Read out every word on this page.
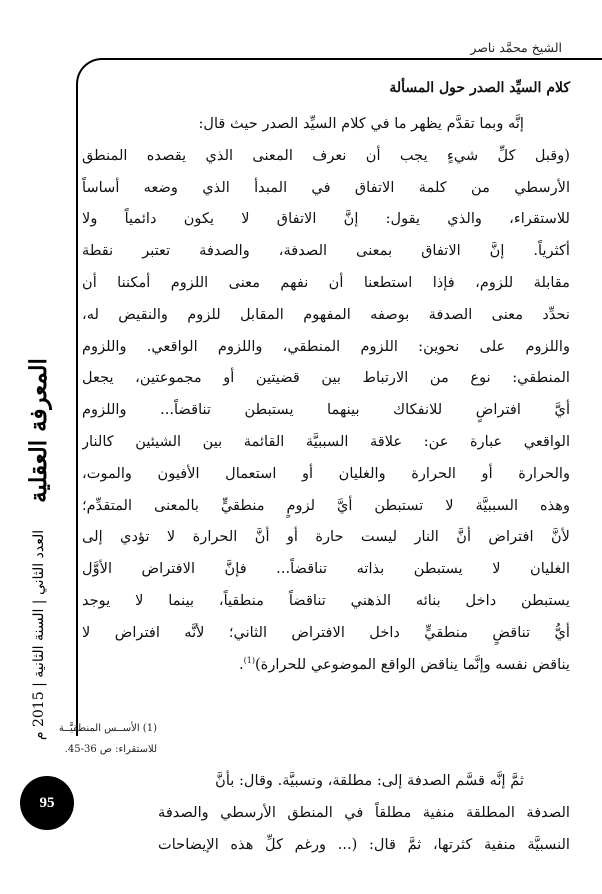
الشيخ محمَّد ناصر
كلام السيِّد الصدر حول المسألة
إنَّه وبما تقدَّم يظهر ما في كلام السيِّد الصدر حيث قال:
(وقبل كلِّ شيءٍ يجب أن نعرف المعنى الذي يقصده المنطق
الأرسطي من كلمة الاتفاق في المبدأ الذي وضعه أساساً
للاستقراء، والذي يقول: إنَّ الاتفاق لا يكون دائمياً ولا
أكثرياً. إنَّ الاتفاق بمعنى الصدفة، والصدفة تعتبر نقطة
مقابلة للزوم، فإذا استطعنا أن نفهم معنى اللزوم أمكننا أن
نحدِّد معنى الصدفة بوصفه المفهوم المقابل للزوم والنقيض له،
واللزوم على نحوين: اللزوم المنطقي، واللزوم الواقعي. واللزوم
المنطقي: نوع من الارتباط بين قضيتين أو مجموعتين، يجعل
أيَّ افتراضٍ للانفكاك بينهما يستبطن تناقضاً... واللزوم
الواقعي عبارة عن: علاقة السببيَّة القائمة بين الشيئين كالنار
والحرارة أو الحرارة والغليان أو استعمال الأفيون والموت،
وهذه السببيَّة لا تستبطن أيَّ لزومٍ منطقيٍّ بالمعنى المتقدِّم؛
لأنَّ افتراض أنَّ النار ليست حارة أو أنَّ الحرارة لا تؤدي إلى
الغليان لا يستبطن بذاته تناقضاً... فإنَّ الافتراض الأوَّل
يستبطن داخل بنائه الذهني تناقضاً منطقياً، بينما لا يوجد
أيُّ تناقضٍ منطقيٍّ داخل الافتراض الثاني؛ لأنَّه افتراض لا
يناقض نفسه وإنَّما يناقض الواقع الموضوعي للحرارة)$^{(1)}$.
(1) الأســس المنطقيَّــة
للاستقراء: ص 36-45.
ثمَّ إنَّه قسَّم الصدفة إلى: مطلقة، ونسبيَّة. وقال: بأنَّ
الصدفة المطلقة منفية مطلقاً في المنطق الأرسطي والصدفة
النسبيَّة منفية كثرتها، ثمَّ قال: (... ورغم كلِّ هذه الإيضاحات
المعرفة العقلية
العدد الثاني | السنة الثانية | 2015 م
95
